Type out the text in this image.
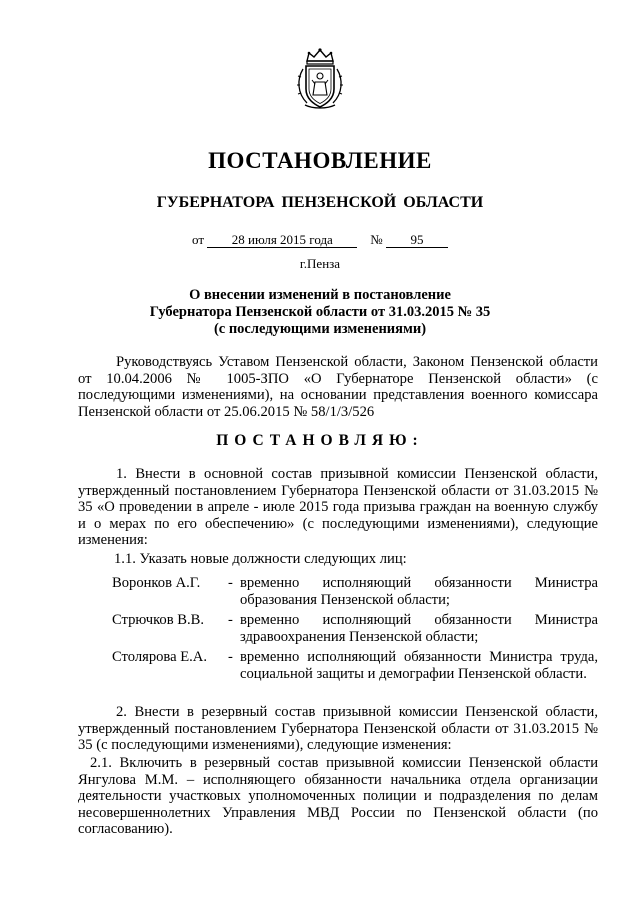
ПОСТАНОВЛЕНИЕ
ГУБЕРНАТОРА ПЕНЗЕНСКОЙ ОБЛАСТИ
от 28 июля 2015 года	№ 95
г.Пенза
О внесении изменений в постановление
Губернатора Пензенской области от 31.03.2015 № 35
(с последующими изменениями)
Руководствуясь Уставом Пензенской области, Законом Пензенской области от 10.04.2006 № 1005-ЗПО «О Губернаторе Пензенской области» (с последующими изменениями), на основании представления военного комиссара Пензенской области от 25.06.2015 № 58/1/3/526
ПОСТАНОВЛЯЮ:
1. Внести в основной состав призывной комиссии Пензенской области, утвержденный постановлением Губернатора Пензенской области от 31.03.2015 № 35 «О проведении в апреле - июле 2015 года призыва граждан на военную службу и о мерах по его обеспечению» (с последующими изменениями), следующие изменения:
1.1. Указать новые должности следующих лиц:
Воронков А.Г. - временно исполняющий обязанности Министра образования Пензенской области;
Стрючков В.В. - временно исполняющий обязанности Министра здравоохранения Пензенской области;
Столярова Е.А. - временно исполняющий обязанности Министра труда, социальной защиты и демографии Пензенской области.
2. Внести в резервный состав призывной комиссии Пензенской области, утвержденный постановлением Губернатора Пензенской области от 31.03.2015 № 35 (с последующими изменениями), следующие изменения:
2.1. Включить в резервный состав призывной комиссии Пензенской области Янгулова М.М. – исполняющего обязанности начальника отдела организации деятельности участковых уполномоченных полиции и подразделения по делам несовершеннолетних Управления МВД России по Пензенской области (по согласованию).
